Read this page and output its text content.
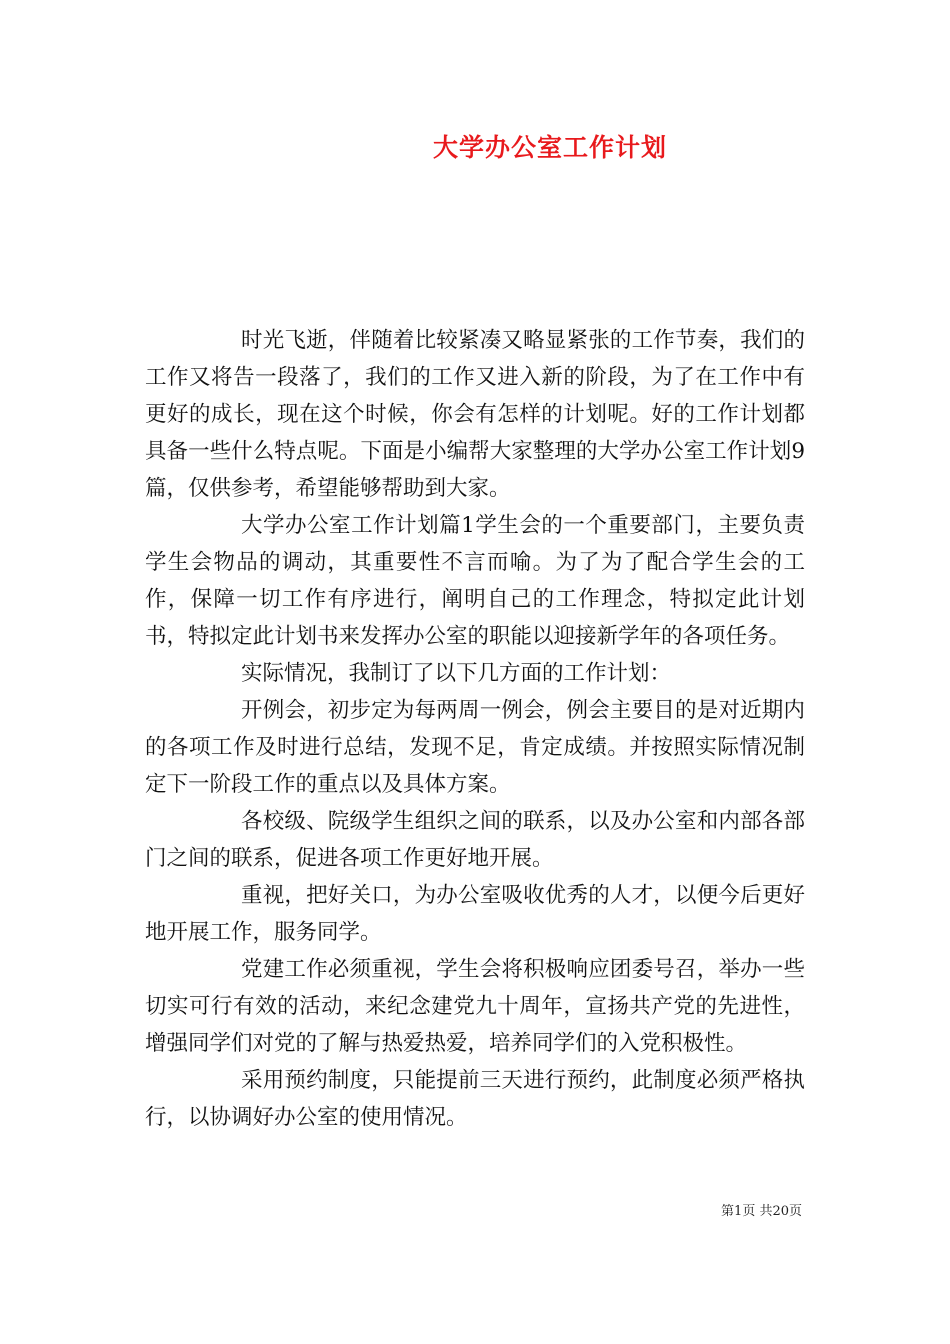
大学办公室工作计划

时光飞逝，伴随着比较紧凑又略显紧张的工作节奏，我们的工作又将告一段落了，我们的工作又进入新的阶段，为了在工作中有更好的成长，现在这个时候，你会有怎样的计划呢。好的工作计划都具备一些什么特点呢。下面是小编帮大家整理的大学办公室工作计划9篇，仅供参考，希望能够帮助到大家。

大学办公室工作计划篇1学生会的一个重要部门，主要负责学生会物品的调动，其重要性不言而喻。为了为了配合学生会的工作，保障一切工作有序进行，阐明自己的工作理念，特拟定此计划书，特拟定此计划书来发挥办公室的职能以迎接新学年的各项任务。

实际情况，我制订了以下几方面的工作计划：

开例会，初步定为每两周一例会，例会主要目的是对近期内的各项工作及时进行总结，发现不足，肯定成绩。并按照实际情况制定下一阶段工作的重点以及具体方案。

各校级、院级学生组织之间的联系，以及办公室和内部各部门之间的联系，促进各项工作更好地开展。

重视，把好关口，为办公室吸收优秀的人才，以便今后更好地开展工作，服务同学。

党建工作必须重视，学生会将积极响应团委号召，举办一些切实可行有效的活动，来纪念建党九十周年，宣扬共产党的先进性，增强同学们对党的了解与热爱热爱，培养同学们的入党积极性。

采用预约制度，只能提前三天进行预约，此制度必须严格执行，以协调好办公室的使用情况。

第1页 共20页
